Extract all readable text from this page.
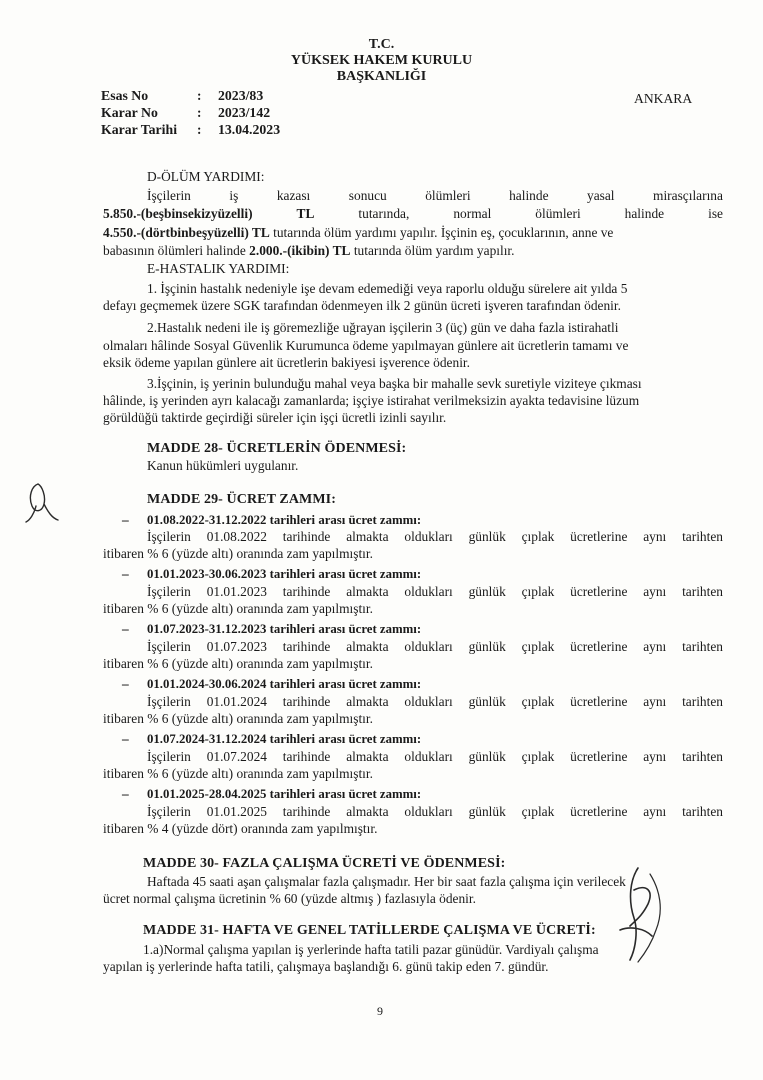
T.C.
YÜKSEK HAKEM KURULU
BAŞKANLIĞI
Esas No	: 2023/83
Karar No	: 2023/142
Karar Tarihi : 13.04.2023
ANKARA
D-ÖLÜM YARDIMI:
İşçilerin	iş	kazası	sonucu	ölümleri	halinde	yasal	mirasçılarına
5.850.-(beşbinsekizyüzelli)	TL	tutarında,	normal	ölümleri	halinde	ise
4.550.-(dörtbinbeşyüzelli) TL tutarında ölüm yardımı yapılır. İşçinin eş, çocuklarının, anne ve
babasının ölümleri halinde 2.000.-(ikibin) TL tutarında ölüm yardım yapılır.
E-HASTALIK YARDIMI:
1. İşçinin hastalık nedeniyle işe devam edemediği veya raporlu olduğu sürelere ait yılda 5
defayı geçmemek üzere SGK tarafından ödenmeyen ilk 2 günün ücreti işveren tarafından ödenir.
2.Hastalık nedeni ile iş göremezliğe uğrayan işçilerin 3 (üç) gün ve daha fazla istirahatli
olmaları hâlinde Sosyal Güvenlik Kurumunca ödeme yapılmayan günlere ait ücretlerin tamamı ve
eksik ödeme yapılan günlere ait ücretlerin bakiyesi işverence ödenir.
3.İşçinin, iş yerinin bulunduğu mahal veya başka bir mahalle sevk suretiyle viziteye çıkması
hâlinde, iş yerinden ayrı kalacağı zamanlarda; işçiye istirahat verilmeksizin ayakta tedavisine lüzum
görüldüğü taktirde geçirdiği süreler için işçi ücretli izinli sayılır.
MADDE 28- ÜCRETLERİN ÖDENMESİ:
Kanun hükümleri uygulanır.
MADDE 29- ÜCRET ZAMMI:
– 01.08.2022-31.12.2022 tarihleri arası ücret zammı:
İşçilerin 01.08.2022 tarihinde almakta oldukları günlük çıplak ücretlerine aynı tarihten
itibaren % 6 (yüzde altı) oranında zam yapılmıştır.
– 01.01.2023-30.06.2023 tarihleri arası ücret zammı:
İşçilerin 01.01.2023 tarihinde almakta oldukları günlük çıplak ücretlerine aynı tarihten
itibaren % 6 (yüzde altı) oranında zam yapılmıştır.
– 01.07.2023-31.12.2023 tarihleri arası ücret zammı:
İşçilerin 01.07.2023 tarihinde almakta oldukları günlük çıplak ücretlerine aynı tarihten
itibaren % 6 (yüzde altı) oranında zam yapılmıştır.
– 01.01.2024-30.06.2024 tarihleri arası ücret zammı:
İşçilerin 01.01.2024 tarihinde almakta oldukları günlük çıplak ücretlerine aynı tarihten
itibaren % 6 (yüzde altı) oranında zam yapılmıştır.
– 01.07.2024-31.12.2024 tarihleri arası ücret zammı:
İşçilerin 01.07.2024 tarihinde almakta oldukları günlük çıplak ücretlerine aynı tarihten
itibaren % 6 (yüzde altı) oranında zam yapılmıştır.
– 01.01.2025-28.04.2025 tarihleri arası ücret zammı:
İşçilerin 01.01.2025 tarihinde almakta oldukları günlük çıplak ücretlerine aynı tarihten
itibaren % 4 (yüzde dört) oranında zam yapılmıştır.
MADDE 30- FAZLA ÇALIŞMA ÜCRETİ VE ÖDENMESİ:
Haftada 45 saati aşan çalışmalar fazla çalışmadır. Her bir saat fazla çalışma için verilecek
ücret normal çalışma ücretinin % 60 (yüzde altmış ) fazlasıyla ödenir.
MADDE 31- HAFTA VE GENEL TATİLLERDE ÇALIŞMA VE ÜCRETİ:
1.a)Normal çalışma yapılan iş yerlerinde hafta tatili pazar günüdür. Vardiyalı çalışma
yapılan iş yerlerinde hafta tatili, çalışmaya başlandığı 6. günü takip eden 7. gündür.
9
